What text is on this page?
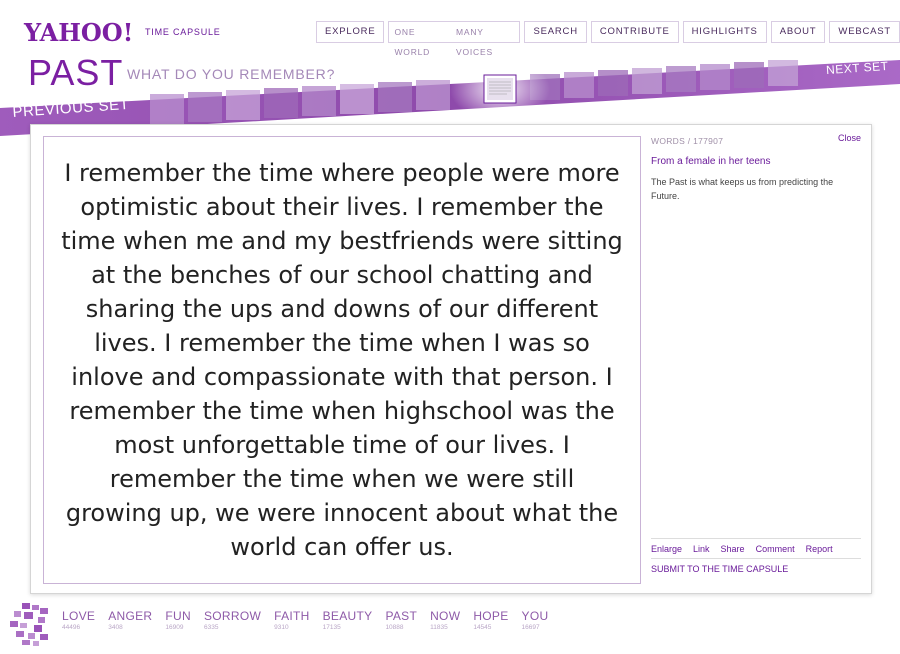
YAHOO! TIME CAPSULE	EXPLORE	ONE WORLD
MANY VOICES
SEARCH	CONTRIBUTE	HIGHLIGHTS	ABOUT	WEBCAST
PAST WHAT DO YOU REMEMBER?
PREVIOUS SET
NEXT SET
← →
I remember the time where people were more optimistic about their lives. I remember the time when me and my bestfriends were sitting at the benches of our school chatting and sharing the ups and downs of our different lives. I remember the time when I was so inlove and compassionate with that person. I remember the time when highschool was the most unforgettable time of our lives. I remember the time when we were still growing up, we were innocent about what the world can offer us.
WORDS / 177907	Close
From a female in her teens
The Past is what keeps us from predicting the Future.
Enlarge Link Share Comment Report
SUBMIT TO THE TIME CAPSULE
LOVE
44496
ANGER
3408
FUN
16909
SORROW
6335
FAITH
9310
BEAUTY
17135
PAST
10888
NOW
11835
HOPE
14545
YOU
16697
